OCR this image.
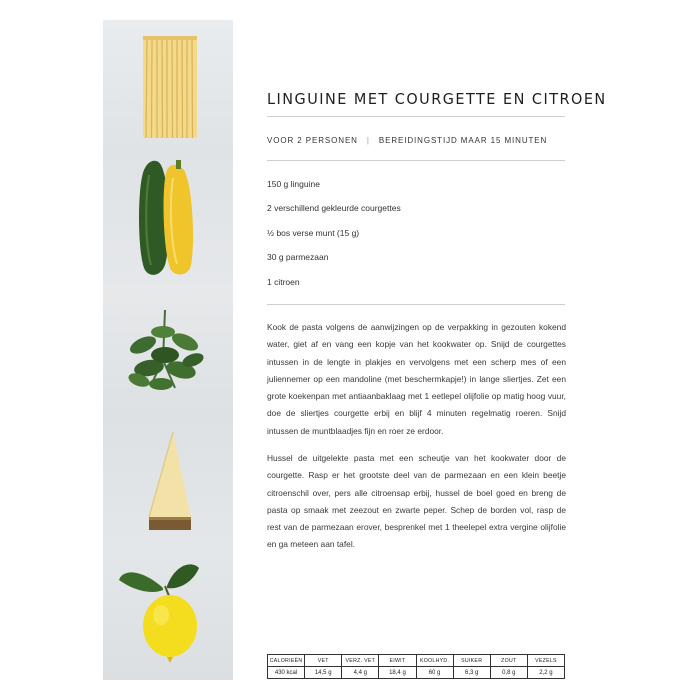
LINGUINE MET COURGETTE EN CITROEN
VOOR 2 PERSONEN | BEREIDINGSTIJD MAAR 15 MINUTEN
150 g linguine
2 verschillend gekleurde courgettes
½ bos verse munt (15 g)
30 g parmezaan
1 citroen

Kook de pasta volgens de aanwijzingen op de verpakking in gezouten kokend water, giet af en vang een kopje van het kookwater op. Snijd de courgettes intussen in de lengte in plakjes en vervolgens met een scherp mes of een juliennemer op een mandoline (met beschermkapje!) in lange sliertjes. Zet een grote koekenpan met antiaanbaklaag met 1 eetlepel olijfolie op matig hoog vuur, doe de sliertjes courgette erbij en blijf 4 minuten regelmatig roeren. Snijd intussen de muntblaadjes fijn en roer ze erdoor.

Hussel de uitgelekte pasta met een scheutje van het kookwater door de courgette. Rasp er het grootste deel van de parmezaan en een klein beetje citroenschil over, pers alle citroensap erbij, hussel de boel goed en breng de pasta op smaak met zeezout en zwarte peper. Schep de borden vol, rasp de rest van de parmezaan erover, besprenkel met 1 theelepel extra vergine olijfolie en ga meteen aan tafel.

CALORIEËN	VET	VERZ. VET	EIWIT	KOOLHYD.	SUIKER	ZOUT	VEZELS
430 kcal	14,5 g	4,4 g	18,4 g	60 g	6,3 g	0,8 g	2,2 g
